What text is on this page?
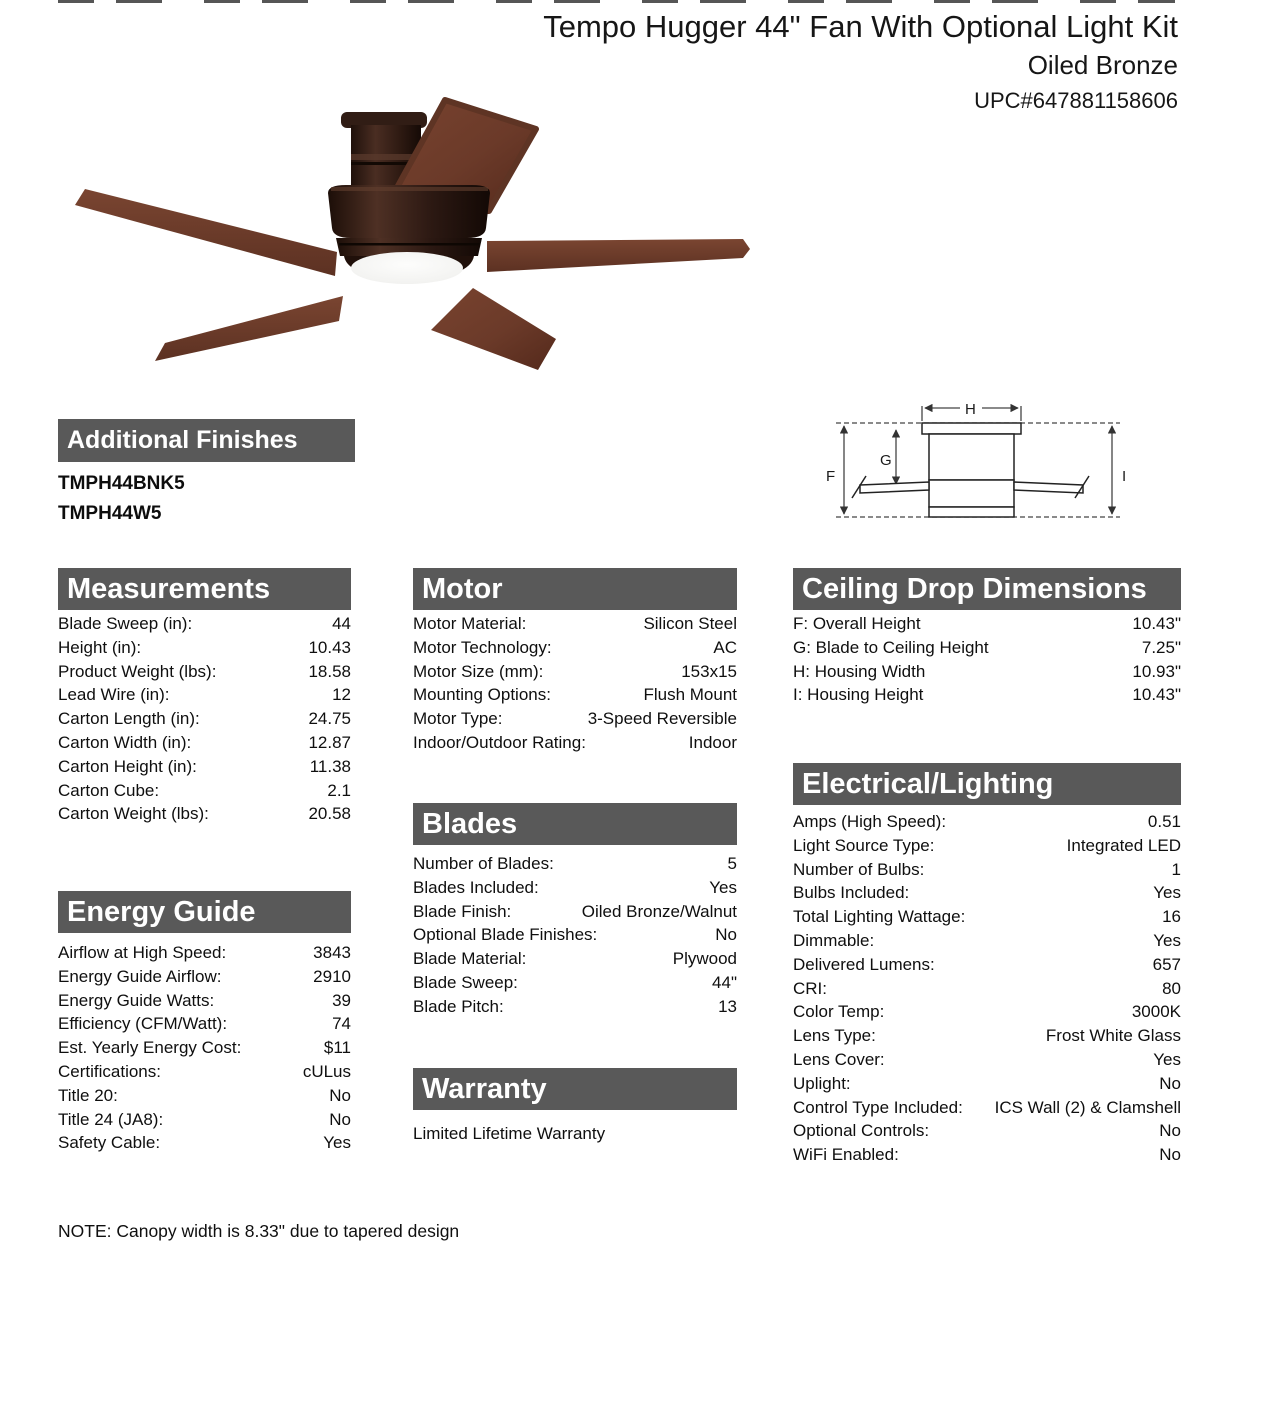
Tempo Hugger 44" Fan With Optional Light Kit
Oiled Bronze
UPC#647881158606
Additional Finishes
TMPH44BNK5
TMPH44W5
F
G
H
I
Measurements
Blade Sweep (in):	44
Height (in):	10.43
Product Weight (lbs):	18.58
Lead Wire (in):	12
Carton Length (in):	24.75
Carton Width (in):	12.87
Carton Height (in):	11.38
Carton Cube:	2.1
Carton Weight (lbs):	20.58
Energy Guide
Airflow at High Speed:	3843
Energy Guide Airflow:	2910
Energy Guide Watts:	39
Efficiency (CFM/Watt):	74
Est. Yearly Energy Cost:	$11
Certifications:	cULus
Title 20:	No
Title 24 (JA8):	No
Safety Cable:	Yes
Motor
Motor Material:	Silicon Steel
Motor Technology:	AC
Motor Size (mm):	153x15
Mounting Options:	Flush Mount
Motor Type:	3-Speed Reversible
Indoor/Outdoor Rating:	Indoor
Blades
Number of Blades:	5
Blades Included:	Yes
Blade Finish:	Oiled Bronze/Walnut
Optional Blade Finishes:	No
Blade Material:	Plywood
Blade Sweep:	44"
Blade Pitch:	13
Warranty
Limited Lifetime Warranty
Ceiling Drop Dimensions
F: Overall Height	10.43"
G: Blade to Ceiling Height	7.25"
H: Housing Width	10.93"
I: Housing Height	10.43"
Electrical/Lighting
Amps (High Speed):	0.51
Light Source Type:	Integrated LED
Number of Bulbs:	1
Bulbs Included:	Yes
Total Lighting Wattage:	16
Dimmable:	Yes
Delivered Lumens:	657
CRI:	80
Color Temp:	3000K
Lens Type:	Frost White Glass
Lens Cover:	Yes
Uplight:	No
Control Type Included: ICS Wall (2) & Clamshell
Optional Controls:	No
WiFi Enabled:	No
NOTE: Canopy width is 8.33" due to tapered design
